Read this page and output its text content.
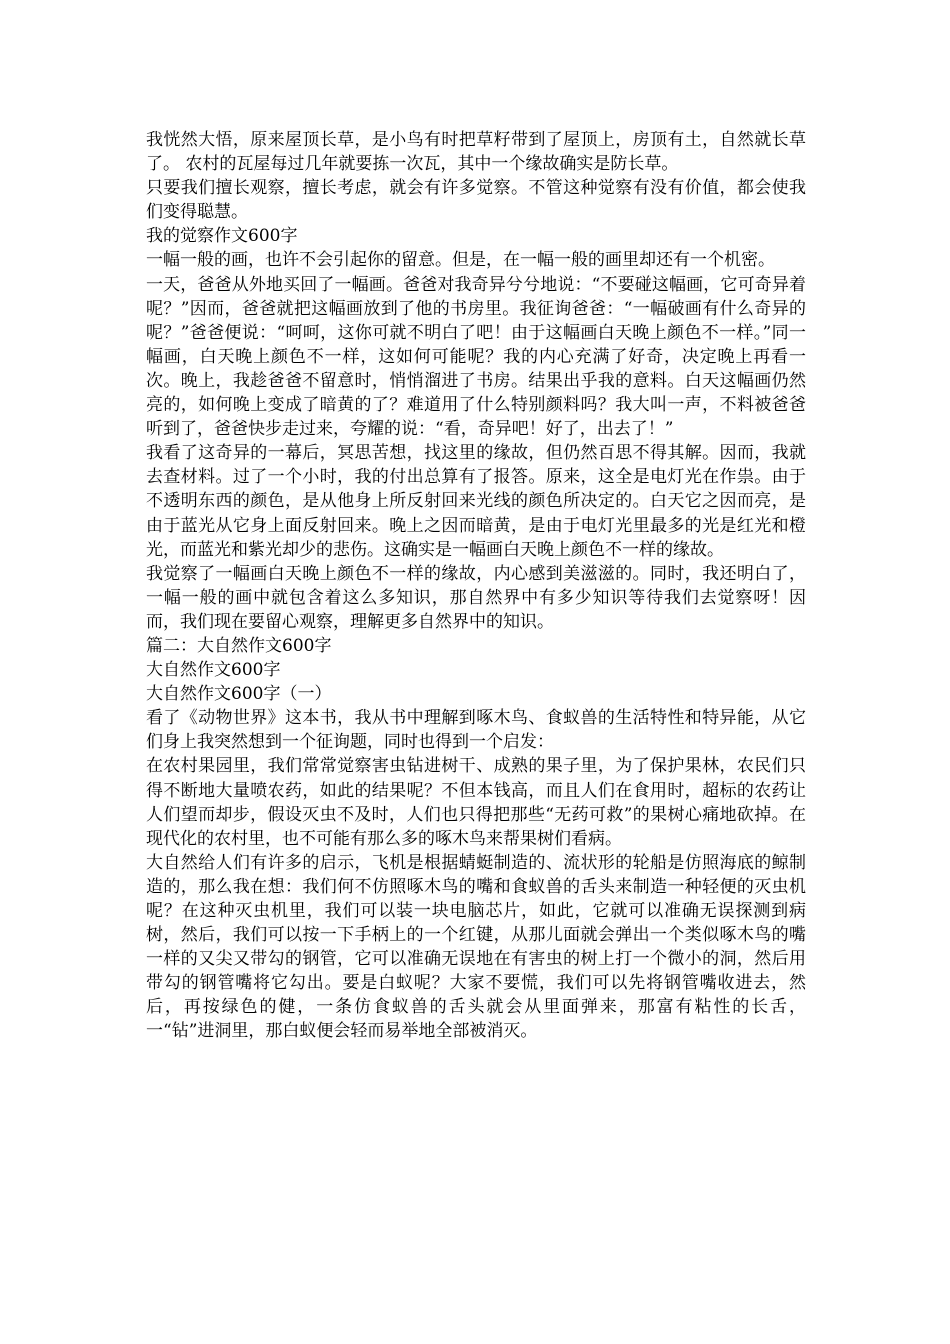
我恍然大悟，原来屋顶长草，是小鸟有时把草籽带到了屋顶上，房顶有土，自然就长草了。 农村的瓦屋每过几年就要拣一次瓦，其中一个缘故确实是防长草。

只要我们擅长观察，擅长考虑，就会有许多觉察。不管这种觉察有没有价值，都会使我们变得聪慧。

我的觉察作文600字

一幅一般的画，也许不会引起你的留意。但是，在一幅一般的画里却还有一个机密。

一天，爸爸从外地买回了一幅画。爸爸对我奇异兮兮地说：“不要碰这幅画，它可奇异着呢？”因而，爸爸就把这幅画放到了他的书房里。我征询爸爸：“一幅破画有什么奇异的呢？”爸爸便说：“呵呵，这你可就不明白了吧！由于这幅画白天晚上颜色不一样。”同一幅画，白天晚上颜色不一样，这如何可能呢？我的内心充满了好奇，决定晚上再看一次。晚上，我趁爸爸不留意时，悄悄溜进了书房。结果出乎我的意料。白天这幅画仍然亮的，如何晚上变成了暗黄的了？难道用了什么特别颜料吗？我大叫一声，不料被爸爸听到了，爸爸快步走过来，夸耀的说：“看，奇异吧！好了，出去了！”

我看了这奇异的一幕后，冥思苦想，找这里的缘故，但仍然百思不得其解。因而，我就去查材料。过了一个小时，我的付出总算有了报答。原来，这全是电灯光在作祟。由于不透明东西的颜色，是从他身上所反射回来光线的颜色所决定的。白天它之因而亮，是由于蓝光从它身上面反射回来。晚上之因而暗黄，是由于电灯光里最多的光是红光和橙光，而蓝光和紫光却少的悲伤。这确实是一幅画白天晚上颜色不一样的缘故。

我觉察了一幅画白天晚上颜色不一样的缘故，内心感到美滋滋的。同时，我还明白了，一幅一般的画中就包含着这么多知识，那自然界中有多少知识等待我们去觉察呀！因而，我们现在要留心观察，理解更多自然界中的知识。

篇二：大自然作文600字

大自然作文600字

大自然作文600字（一）

看了《动物世界》这本书，我从书中理解到啄木鸟、食蚁兽的生活特性和特异能，从它们身上我突然想到一个征询题，同时也得到一个启发：

在农村果园里，我们常常觉察害虫钻进树干、成熟的果子里，为了保护果林，农民们只得不断地大量喷农药，如此的结果呢？不但本钱高，而且人们在食用时，超标的农药让人们望而却步，假设灭虫不及时，人们也只得把那些“无药可救”的果树心痛地砍掉。在现代化的农村里，也不可能有那么多的啄木鸟来帮果树们看病。

大自然给人们有许多的启示，飞机是根据蜻蜓制造的、流状形的轮船是仿照海底的鲸制造的，那么我在想：我们何不仿照啄木鸟的嘴和食蚁兽的舌头来制造一种轻便的灭虫机呢？在这种灭虫机里，我们可以装一块电脑芯片，如此，它就可以准确无误探测到病树，然后，我们可以按一下手柄上的一个红键，从那儿面就会弹出一个类似啄木鸟的嘴一样的又尖又带勾的钢管，它可以准确无误地在有害虫的树上打一个微小的洞，然后用带勾的钢管嘴将它勾出。要是白蚁呢？大家不要慌，我们可以先将钢管嘴收进去，然后，再按绿色的健，一条仿食蚁兽的舌头就会从里面弹来，那富有粘性的长舌，一“钻”进洞里，那白蚁便会轻而易举地全部被消灭。
